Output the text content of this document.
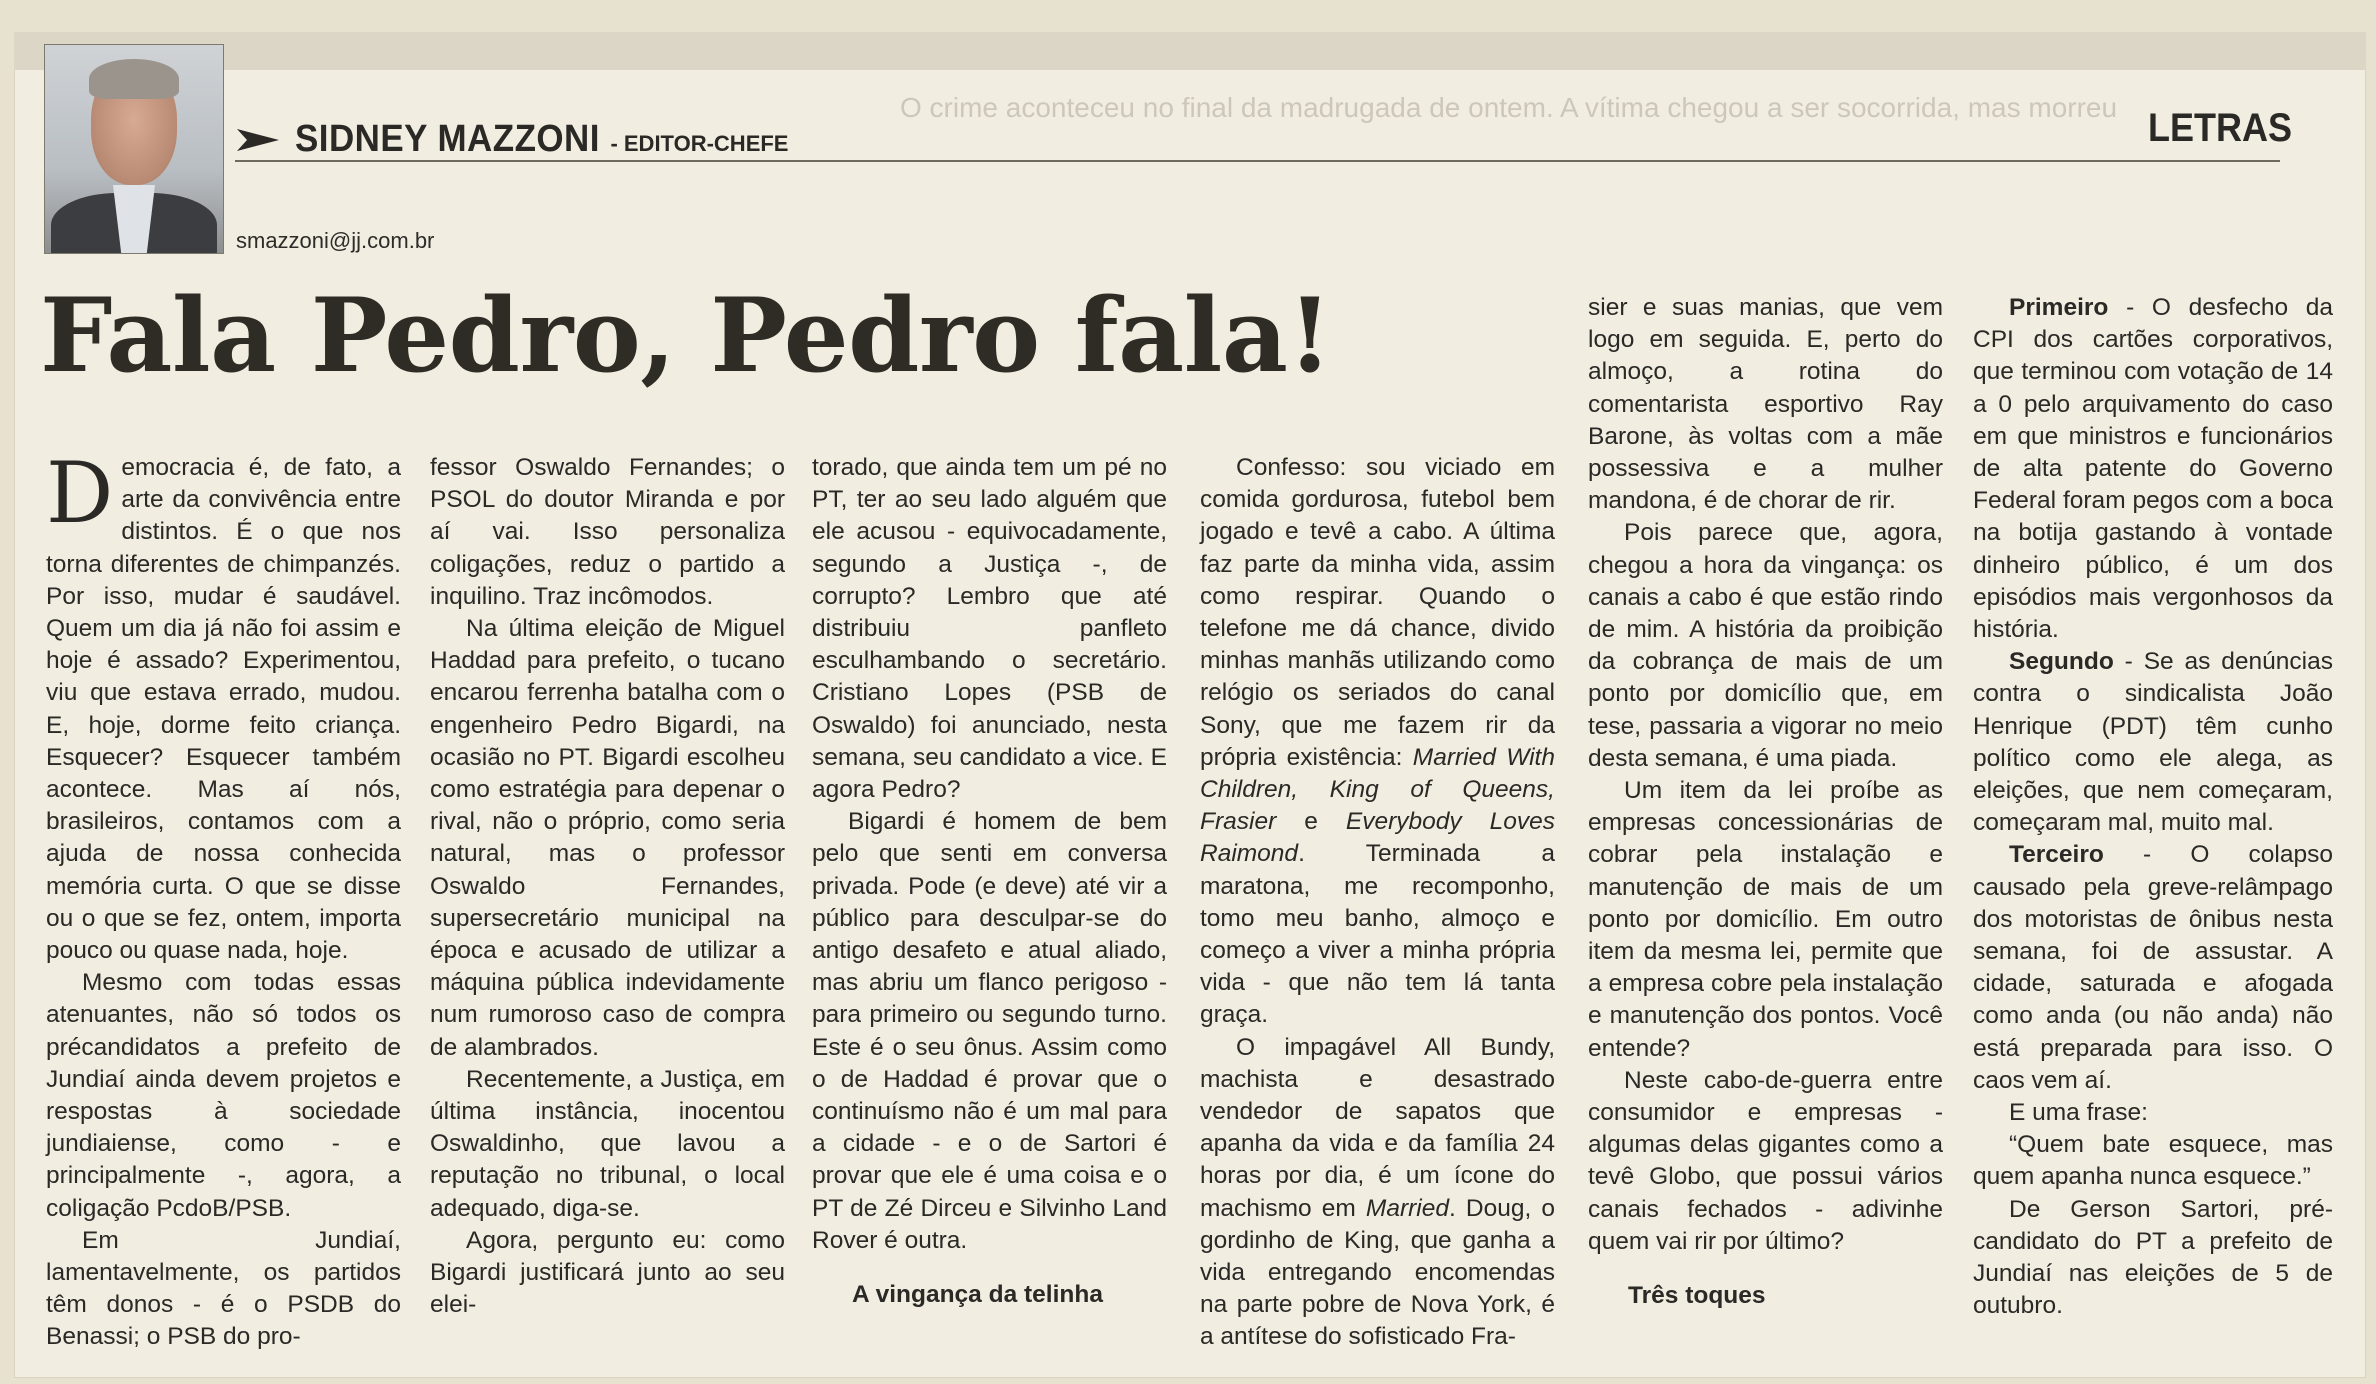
O crime aconteceu no final da madrugada de ontem. A vítima chegou a ser socorrida, mas morreu
SIDNEY MAZZONI - EDITOR-CHEFE	LETRAS
smazzoni@jj.com.br
Fala Pedro, Pedro fala!

Democracia é, de fato, a arte da convivência entre distintos. É o que nos torna diferentes de chimpanzés. Por isso, mudar é saudável. Quem um dia já não foi assim e hoje é assado? Experimentou, viu que estava errado, mudou. E, hoje, dorme feito criança. Esquecer? Esquecer também acontece. Mas aí nós, brasileiros, contamos com a ajuda de nossa conhecida memória curta. O que se disse ou o que se fez, ontem, importa pouco ou quase nada, hoje.

Mesmo com todas essas atenuantes, não só todos os précandidatos a prefeito de Jundiaí ainda devem projetos e respostas à sociedade jundiaiense, como - e principalmente -, agora, a coligação PcdoB/PSB.

Em Jundiaí, lamentavelmente, os partidos têm donos - é o PSDB do Benassi; o PSB do pro-

fessor Oswaldo Fernandes; o PSOL do doutor Miranda e por aí vai. Isso personaliza coligações, reduz o partido a inquilino. Traz incômodos.

Na última eleição de Miguel Haddad para prefeito, o tucano encarou ferrenha batalha com o engenheiro Pedro Bigardi, na ocasião no PT. Bigardi escolheu como estratégia para depenar o rival, não o próprio, como seria natural, mas o professor Oswaldo Fernandes, supersecretário municipal na época e acusado de utilizar a máquina pública indevidamente num rumoroso caso de compra de alambrados.

Recentemente, a Justiça, em última instância, inocentou Oswaldinho, que lavou a reputação no tribunal, o local adequado, diga-se.

Agora, pergunto eu: como Bigardi justificará junto ao seu elei-

torado, que ainda tem um pé no PT, ter ao seu lado alguém que ele acusou - equivocadamente, segundo a Justiça -, de corrupto? Lembro que até distribuiu panfleto esculhambando o secretário. Cristiano Lopes (PSB de Oswaldo) foi anunciado, nesta semana, seu candidato a vice. E agora Pedro?

Bigardi é homem de bem pelo que senti em conversa privada. Pode (e deve) até vir a público para desculpar-se do antigo desafeto e atual aliado, mas abriu um flanco perigoso - para primeiro ou segundo turno. Este é o seu ônus. Assim como o de Haddad é provar que o continuísmo não é um mal para a cidade - e o de Sartori é provar que ele é uma coisa e o PT de Zé Dirceu e Silvinho Land Rover é outra.

A vingança da telinha

Confesso: sou viciado em comida gordurosa, futebol bem jogado e tevê a cabo. A última faz parte da minha vida, assim como respirar. Quando o telefone me dá chance, divido minhas manhãs utilizando como relógio os seriados do canal Sony, que me fazem rir da própria existência: Married With Children, King of Queens, Frasier e Everybody Loves Raimond. Terminada a maratona, me recomponho, tomo meu banho, almoço e começo a viver a minha própria vida - que não tem lá tanta graça.

O impagável All Bundy, machista e desastrado vendedor de sapatos que apanha da vida e da família 24 horas por dia, é um ícone do machismo em Married. Doug, o gordinho de King, que ganha a vida entregando encomendas na parte pobre de Nova York, é a antítese do sofisticado Fra-

sier e suas manias, que vem logo em seguida. E, perto do almoço, a rotina do comentarista esportivo Ray Barone, às voltas com a mãe possessiva e a mulher mandona, é de chorar de rir.

Pois parece que, agora, chegou a hora da vingança: os canais a cabo é que estão rindo de mim. A história da proibição da cobrança de mais de um ponto por domicílio que, em tese, passaria a vigorar no meio desta semana, é uma piada.

Um item da lei proíbe as empresas concessionárias de cobrar pela instalação e manutenção de mais de um ponto por domicílio. Em outro item da mesma lei, permite que a empresa cobre pela instalação e manutenção dos pontos. Você entende?

Neste cabo-de-guerra entre consumidor e empresas - algumas delas gigantes como a tevê Globo, que possui vários canais fechados - adivinhe quem vai rir por último?

Três toques

Primeiro - O desfecho da CPI dos cartões corporativos, que terminou com votação de 14 a 0 pelo arquivamento do caso em que ministros e funcionários de alta patente do Governo Federal foram pegos com a boca na botija gastando à vontade dinheiro público, é um dos episódios mais vergonhosos da história.

Segundo - Se as denúncias contra o sindicalista João Henrique (PDT) têm cunho político como ele alega, as eleições, que nem começaram, começaram mal, muito mal.

Terceiro - O colapso causado pela greve-relâmpago dos motoristas de ônibus nesta semana, foi de assustar. A cidade, saturada e afogada como anda (ou não anda) não está preparada para isso. O caos vem aí.

E uma frase:

“Quem bate esquece, mas quem apanha nunca esquece.”

De Gerson Sartori, pré-candidato do PT a prefeito de Jundiaí nas eleições de 5 de outubro.
